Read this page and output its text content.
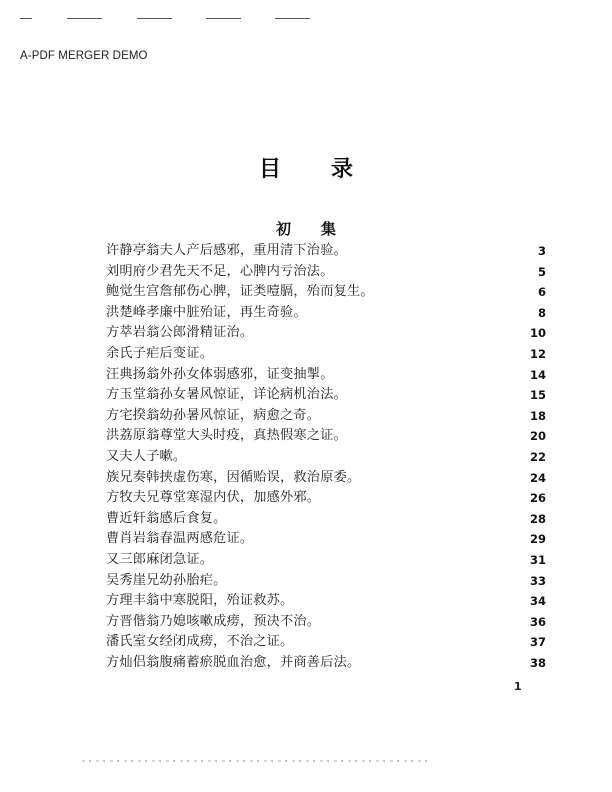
A-PDF MERGER DEMO
目 录
初 集
许静亭翁夫人产后感邪，重用清下治验。	3
刘明府少君先天不足，心脾内亏治法。	5
鲍觉生宫詹郁伤心脾，证类噎膈，殆而复生。	6
洪楚峰孝廉中脏殆证，再生奇验。	8
方萃岩翁公郎滑精证治。	10
余氏子疟后变证。	12
汪典扬翁外孙女体弱感邪，证变抽掣。	14
方玉堂翁孙女暑风惊证，详论病机治法。	15
方宅揆翁幼孙暑风惊证，病愈之奇。	18
洪荔原翁尊堂大头时疫，真热假寒之证。	20
又夫人子嗽。	22
族兄奏韩挟虚伤寒，因循贻误，救治原委。	24
方牧夫兄尊堂寒湿内伏，加感外邪。	26
曹近轩翁感后食复。	28
曹肖岩翁春温两感危证。	29
又三郎麻闭急证。	31
吴秀崖兄幼孙胎疟。	33
方理丰翁中寒脱阳，殆证救苏。	34
方晋偕翁乃媳咳嗽成痨，预决不治。	36
潘氏室女经闭成痨，不治之证。	37
方灿侣翁腹痛蓄瘀脱血治愈，并商善后法。	38
1
